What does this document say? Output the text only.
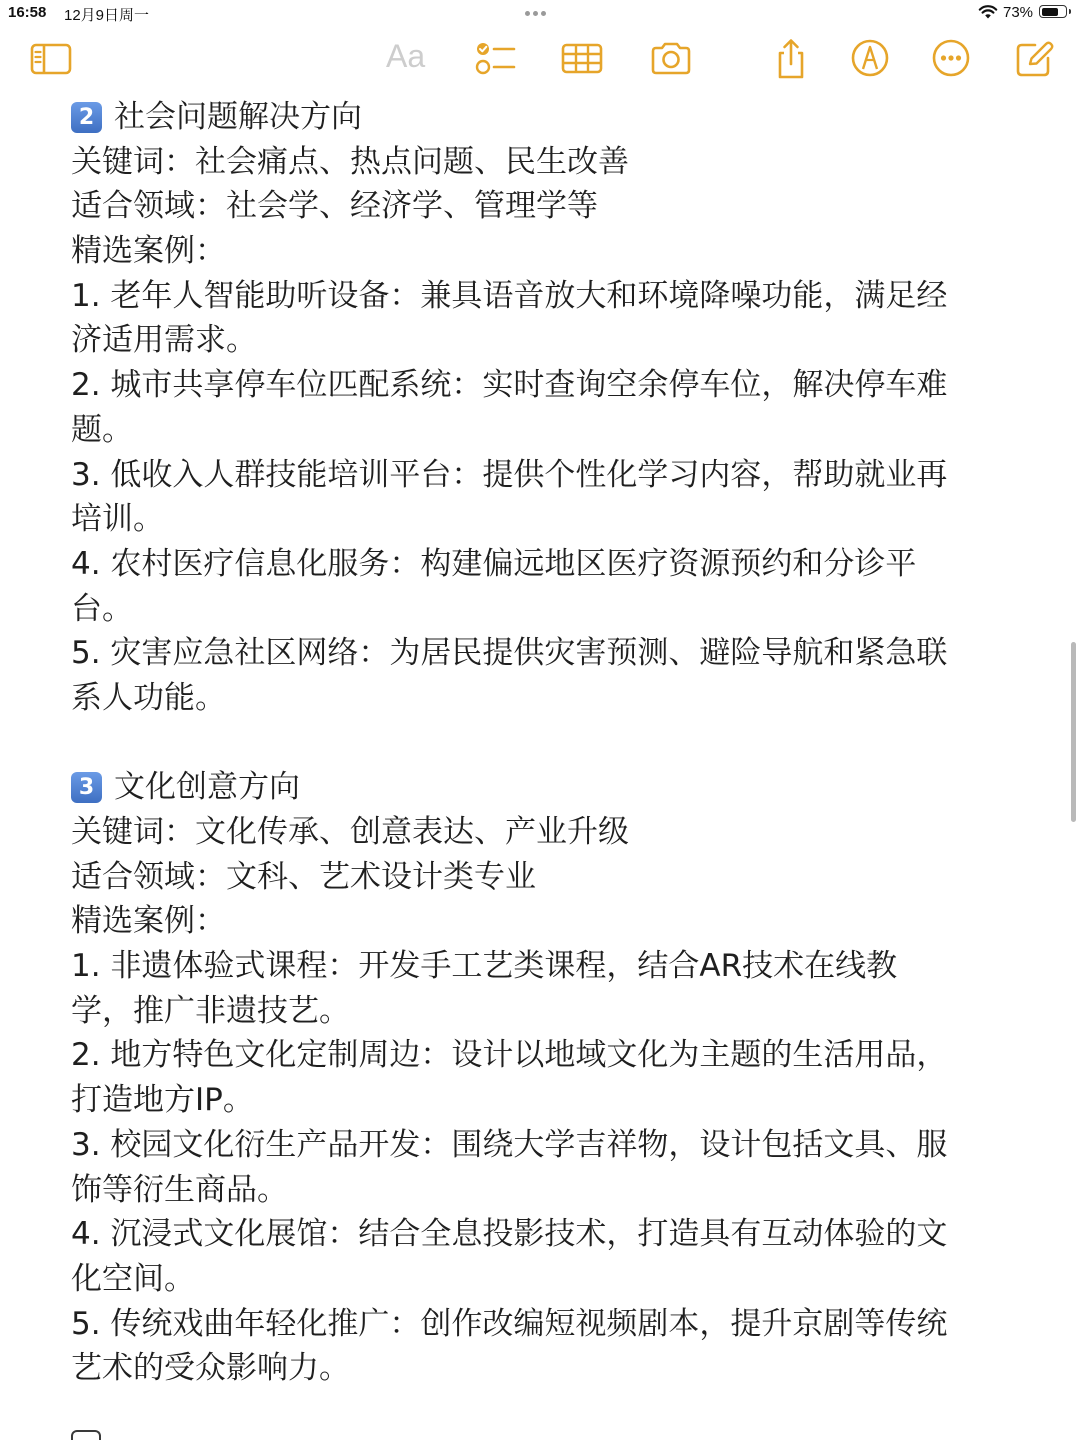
16:58 12月9日周一	73%
Aa
2 社会问题解决方向
关键词：社会痛点、热点问题、民生改善
适合领域：社会学、经济学、管理学等
精选案例：
1. 老年人智能助听设备：兼具语音放大和环境降噪功能，满足经
济适用需求。
2. 城市共享停车位匹配系统：实时查询空余停车位，解决停车难
题。
3. 低收入人群技能培训平台：提供个性化学习内容，帮助就业再
培训。
4. 农村医疗信息化服务：构建偏远地区医疗资源预约和分诊平
台。
5. 灾害应急社区网络：为居民提供灾害预测、避险导航和紧急联
系人功能。
3 文化创意方向
关键词：文化传承、创意表达、产业升级
适合领域：文科、艺术设计类专业
精选案例：
1. 非遗体验式课程：开发手工艺类课程，结合AR技术在线教
学，推广非遗技艺。
2. 地方特色文化定制周边：设计以地域文化为主题的生活用品，
打造地方IP。
3. 校园文化衍生产品开发：围绕大学吉祥物，设计包括文具、服
饰等衍生商品。
4. 沉浸式文化展馆：结合全息投影技术，打造具有互动体验的文
化空间。
5. 传统戏曲年轻化推广：创作改编短视频剧本，提升京剧等传统
艺术的受众影响力。
